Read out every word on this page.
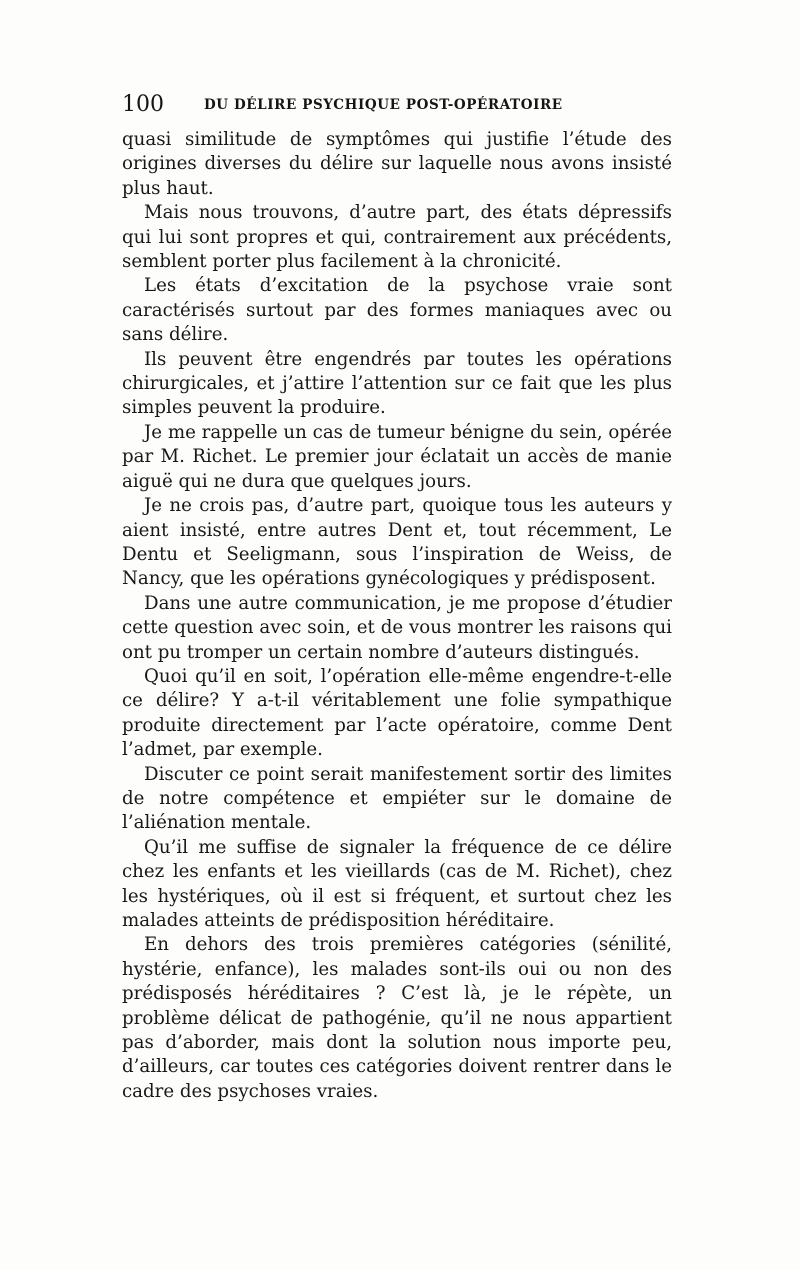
100	DU DÉLIRE PSYCHIQUE POST-OPÉRATOIRE

quasi similitude de symptômes qui justifie l’étude des origines diverses du délire sur laquelle nous avons insisté plus haut.

Mais nous trouvons, d’autre part, des états dépressifs qui lui sont propres et qui, contrairement aux précédents, semblent porter plus facilement à la chronicité.

Les états d’excitation de la psychose vraie sont caractérisés surtout par des formes maniaques avec ou sans délire.

Ils peuvent être engendrés par toutes les opérations chirurgicales, et j’attire l’attention sur ce fait que les plus simples peuvent la produire.

Je me rappelle un cas de tumeur bénigne du sein, opérée par M. Richet. Le premier jour éclatait un accès de manie aiguë qui ne dura que quelques jours.

Je ne crois pas, d’autre part, quoique tous les auteurs y aient insisté, entre autres Dent et, tout récemment, Le Dentu et Seeligmann, sous l’inspiration de Weiss, de Nancy, que les opérations gynécologiques y prédisposent.

Dans une autre communication, je me propose d’étudier cette question avec soin, et de vous montrer les raisons qui ont pu tromper un certain nombre d’auteurs distingués.

Quoi qu’il en soit, l’opération elle-même engendre-t-elle ce délire? Y a-t-il véritablement une folie sympathique produite directement par l’acte opératoire, comme Dent l’admet, par exemple.

Discuter ce point serait manifestement sortir des limites de notre compétence et empiéter sur le domaine de l’aliénation mentale.

Qu’il me suffise de signaler la fréquence de ce délire chez les enfants et les vieillards (cas de M. Richet), chez les hystériques, où il est si fréquent, et surtout chez les malades atteints de prédisposition héréditaire.

En dehors des trois premières catégories (sénilité, hystérie, enfance), les malades sont-ils oui ou non des prédisposés héréditaires ? C’est là, je le répète, un problème délicat de pathogénie, qu’il ne nous appartient pas d’aborder, mais dont la solution nous importe peu, d’ailleurs, car toutes ces catégories doivent rentrer dans le cadre des psychoses vraies.
